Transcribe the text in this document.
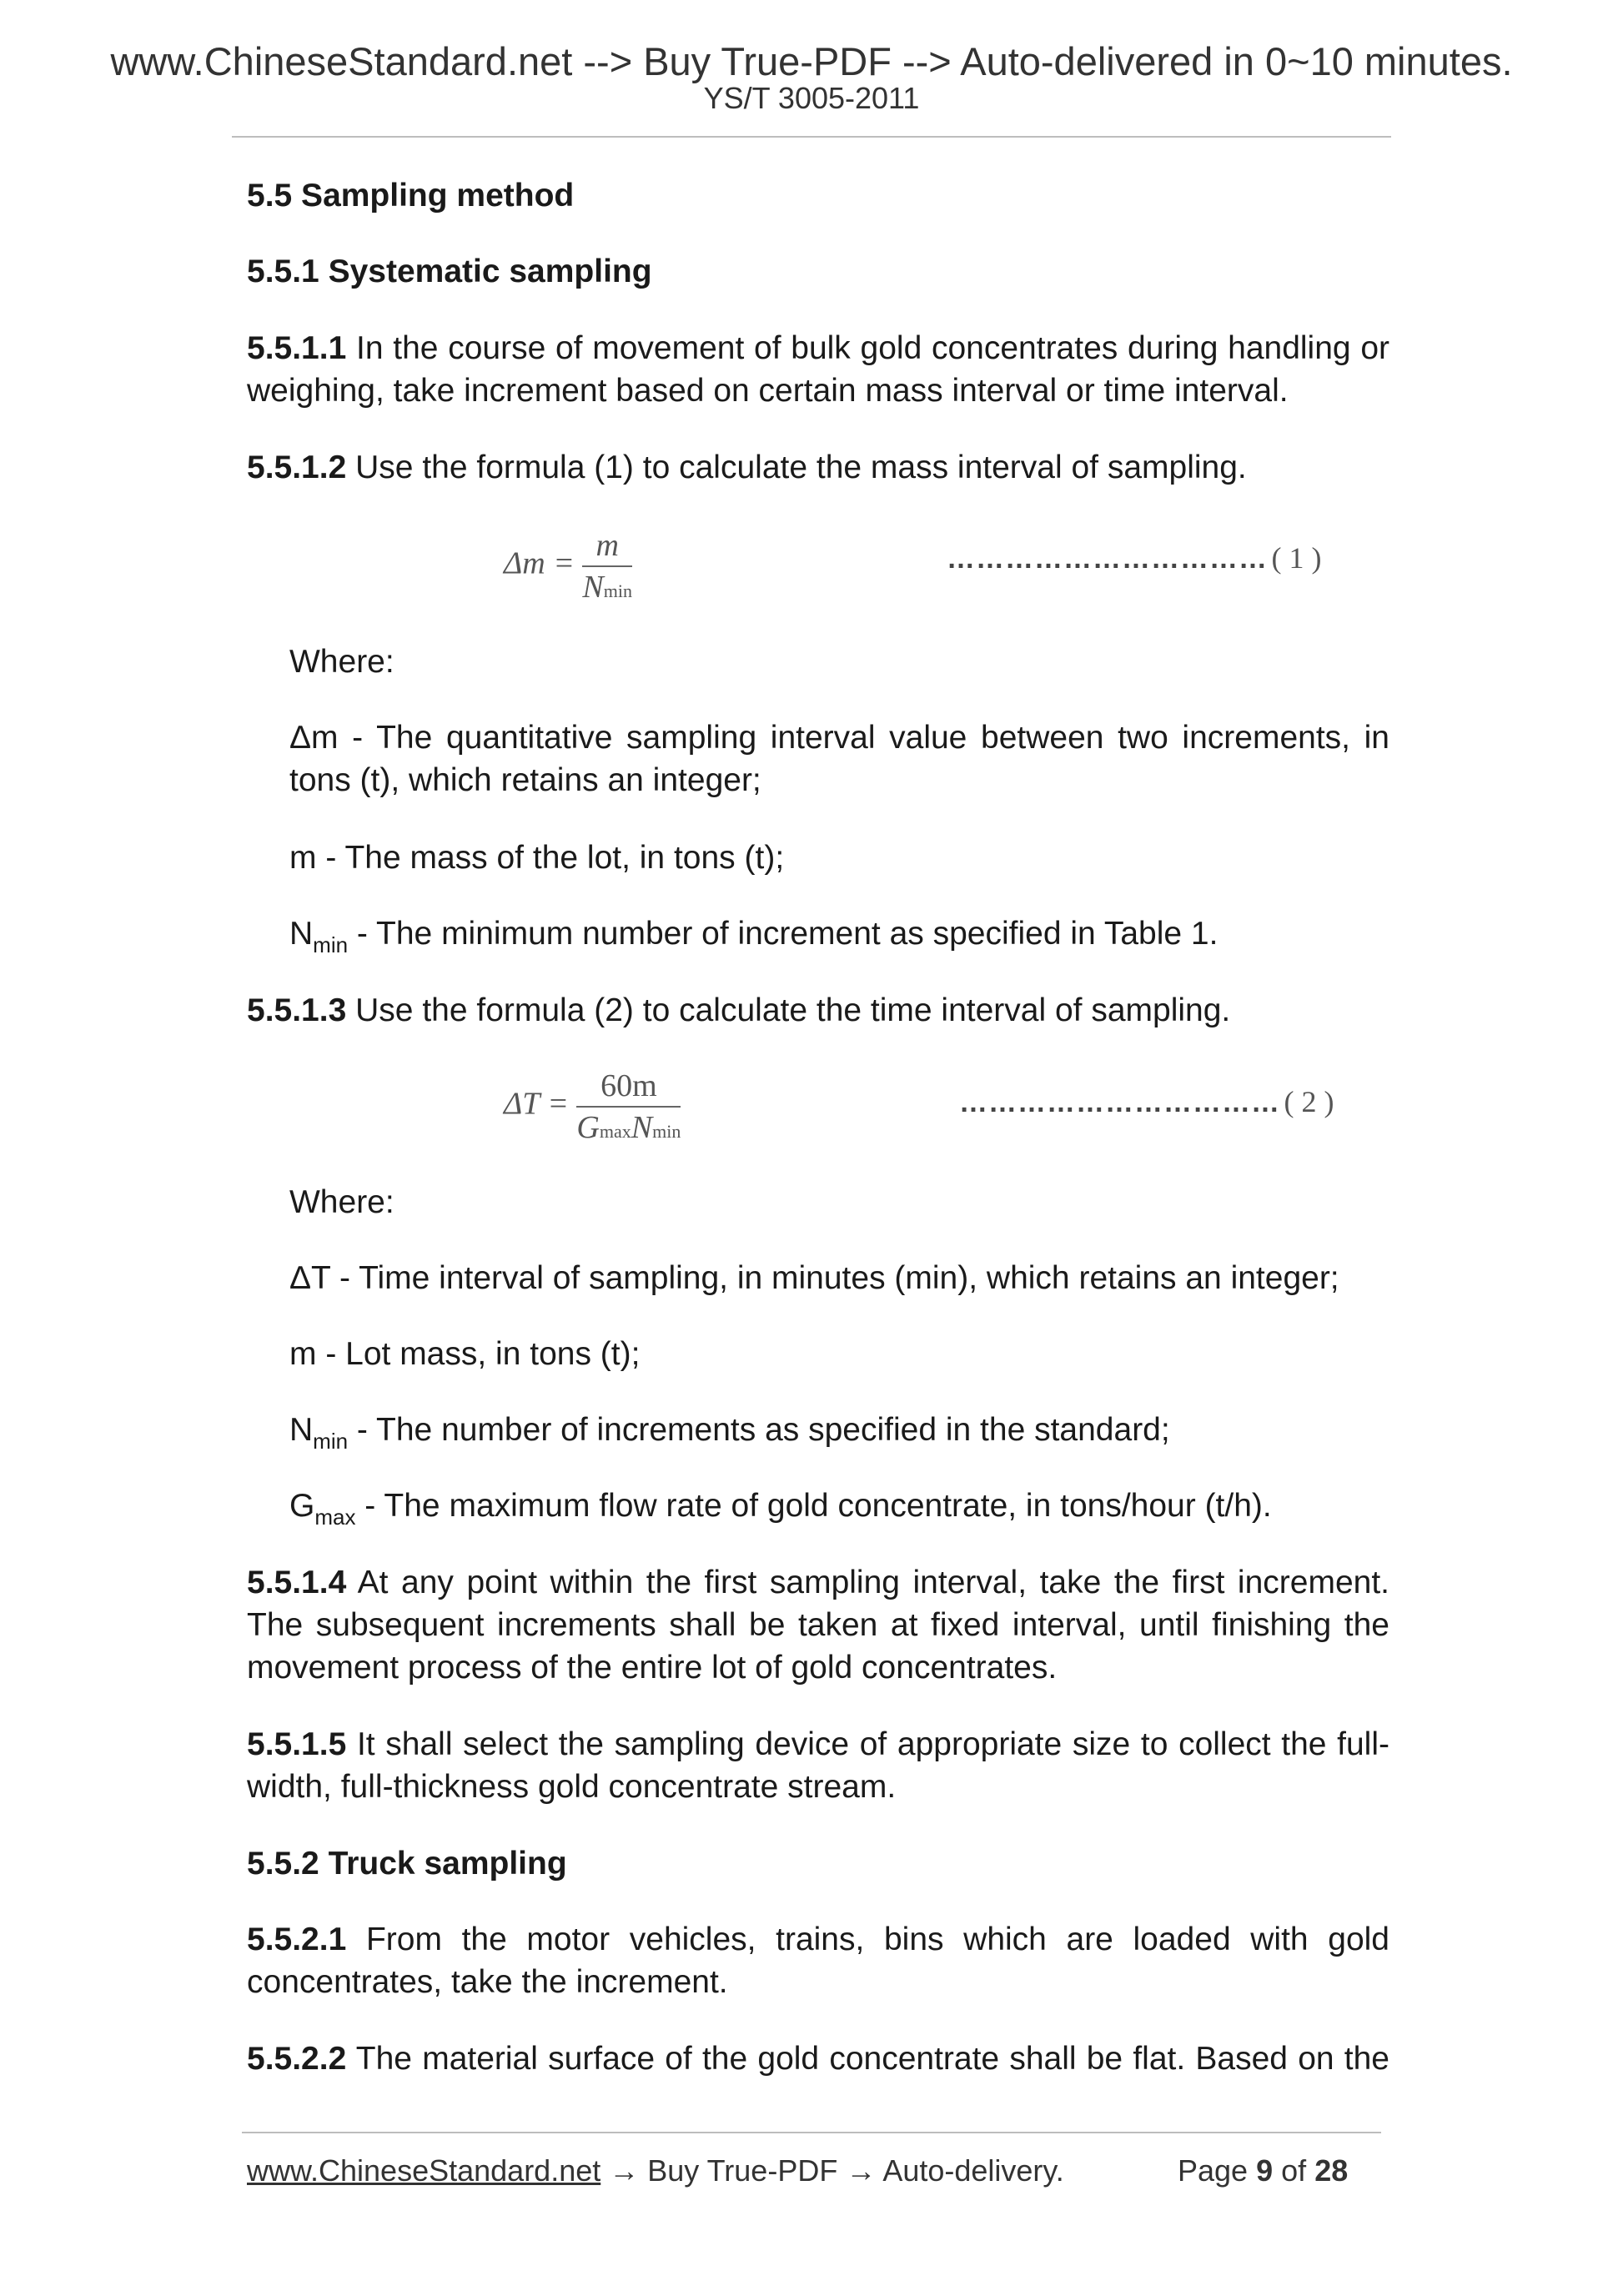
www.ChineseStandard.net --> Buy True-PDF --> Auto-delivered in 0~10 minutes.
YS/T 3005-2011
5.5 Sampling method
5.5.1 Systematic sampling
5.5.1.1 In the course of movement of bulk gold concentrates during handling or
weighing, take increment based on certain mass interval or time interval.
5.5.1.2 Use the formula (1) to calculate the mass interval of sampling.
$\Delta m = \frac{m}{Nmin}$	…………………………… ( 1 )
Where:
Δm - The quantitative sampling interval value between two increments, in
tons (t), which retains an integer;
m - The mass of the lot, in tons (t);
$N_{min}$ - The minimum number of increment as specified in Table 1.
5.5.1.3 Use the formula (2) to calculate the time interval of sampling.
$\Delta T = \frac{60m}{\text{GmaxNmin}}$	…………………………… ( 2 )
Where:
ΔT - Time interval of sampling, in minutes (min), which retains an integer;
m - Lot mass, in tons (t);
$N_{min}$ - The number of increments as specified in the standard;
$G_{max}$ - The maximum flow rate of gold concentrate, in tons/hour (t/h).
5.5.1.4 At any point within the first sampling interval, take the first increment.
The subsequent increments shall be taken at fixed interval, until finishing the
movement process of the entire lot of gold concentrates.
5.5.1.5 It shall select the sampling device of appropriate size to collect the full-
width, full-thickness gold concentrate stream.
5.5.2 Truck sampling
5.5.2.1 From the motor vehicles, trains, bins which are loaded with gold
concentrates, take the increment.
5.5.2.2 The material surface of the gold concentrate shall be flat. Based on the
www.ChineseStandard.net → Buy True-PDF → Auto-delivery.	Page 9 of 28
